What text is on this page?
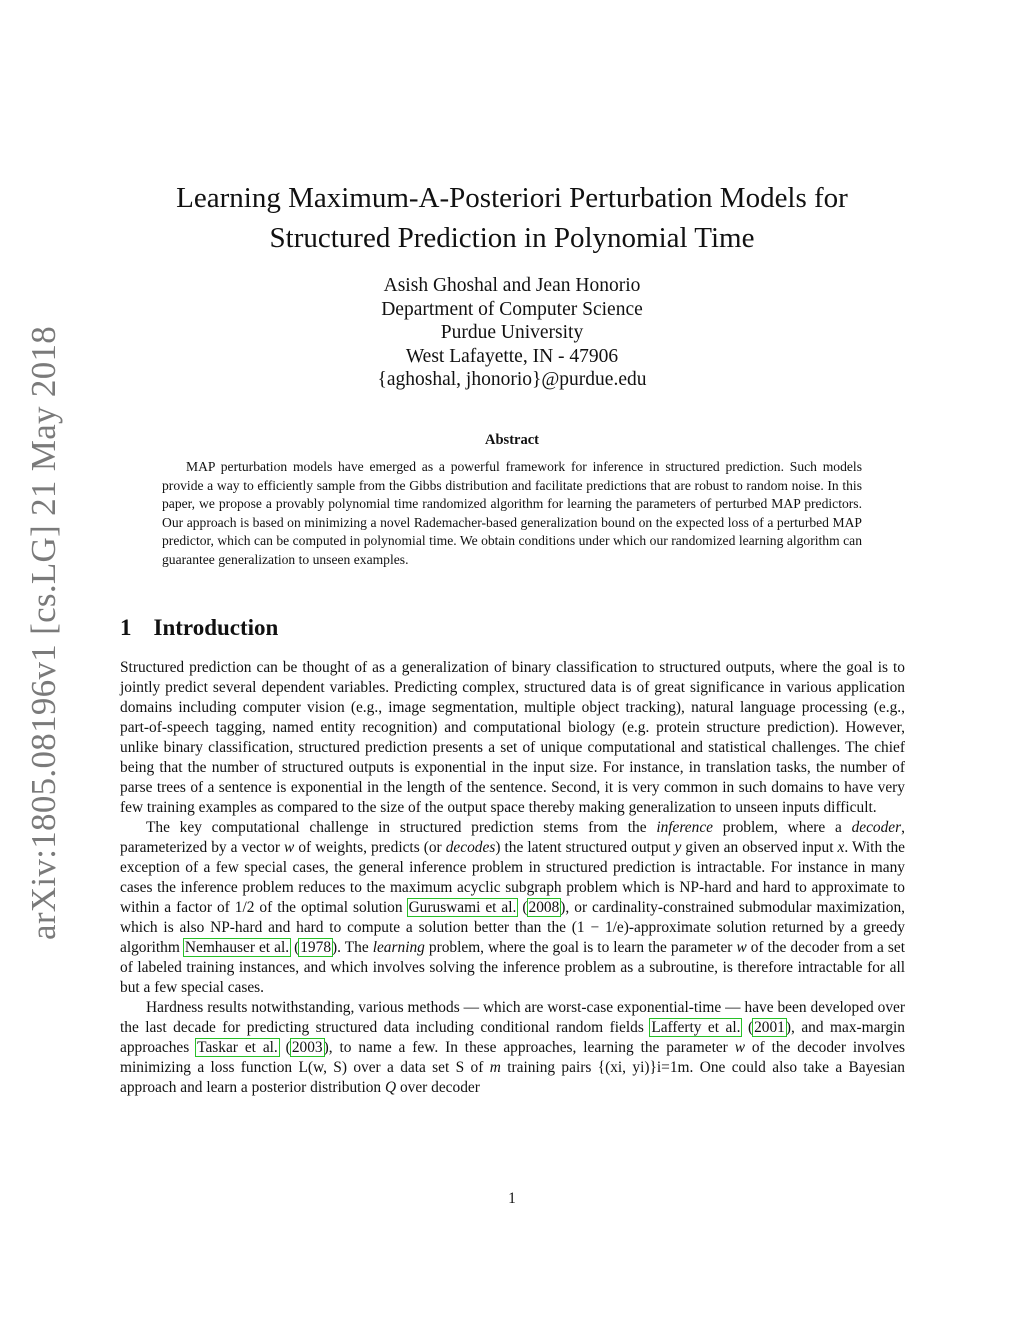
arXiv:1805.08196v1 [cs.LG] 21 May 2018
Learning Maximum-A-Posteriori Perturbation Models for
Structured Prediction in Polynomial Time
Asish Ghoshal and Jean Honorio
Department of Computer Science
Purdue University
West Lafayette, IN - 47906
{aghoshal, jhonorio}@purdue.edu
Abstract
MAP perturbation models have emerged as a powerful framework for inference in structured prediction. Such models provide a way to efficiently sample from the Gibbs distribution and facilitate predictions that are robust to random noise. In this paper, we propose a provably polynomial time randomized algorithm for learning the parameters of perturbed MAP predictors. Our approach is based on minimizing a novel Rademacher-based generalization bound on the expected loss of a perturbed MAP predictor, which can be computed in polynomial time. We obtain conditions under which our randomized learning algorithm can guarantee generalization to unseen examples.
1 Introduction

Structured prediction can be thought of as a generalization of binary classification to structured outputs, where the goal is to jointly predict several dependent variables. Predicting complex, structured data is of great significance in various application domains including computer vision (e.g., image segmentation, multiple object tracking), natural language processing (e.g., part-of-speech tagging, named entity recognition) and computational biology (e.g. protein structure prediction). However, unlike binary classification, structured prediction presents a set of unique computational and statistical challenges. The chief being that the number of structured outputs is exponential in the input size. For instance, in translation tasks, the number of parse trees of a sentence is exponential in the length of the sentence. Second, it is very common in such domains to have very few training examples as compared to the size of the output space thereby making generalization to unseen inputs difficult.

The key computational challenge in structured prediction stems from the inference problem, where a decoder, parameterized by a vector w of weights, predicts (or decodes) the latent structured output y given an observed input x. With the exception of a few special cases, the general inference problem in structured prediction is intractable. For instance in many cases the inference problem reduces to the maximum acyclic subgraph problem which is NP-hard and hard to approximate to within a factor of 1/2 of the optimal solution Guruswami et al. (2008), or cardinality-constrained submodular maximization, which is also NP-hard and hard to compute a solution better than the (1 − 1/e)-approximate solution returned by a greedy algorithm Nemhauser et al. (1978). The learning problem, where the goal is to learn the parameter w of the decoder from a set of labeled training instances, and which involves solving the inference problem as a subroutine, is therefore intractable for all but a few special cases.

Hardness results notwithstanding, various methods — which are worst-case exponential-time — have been developed over the last decade for predicting structured data including conditional random fields Lafferty et al. (2001), and max-margin approaches Taskar et al. (2003), to name a few. In these approaches, learning the parameter w of the decoder involves minimizing a loss function L(w, S) over a data set S of m training pairs {(xi, yi)}i=1m. One could also take a Bayesian approach and learn a posterior distribution Q over decoder

1
